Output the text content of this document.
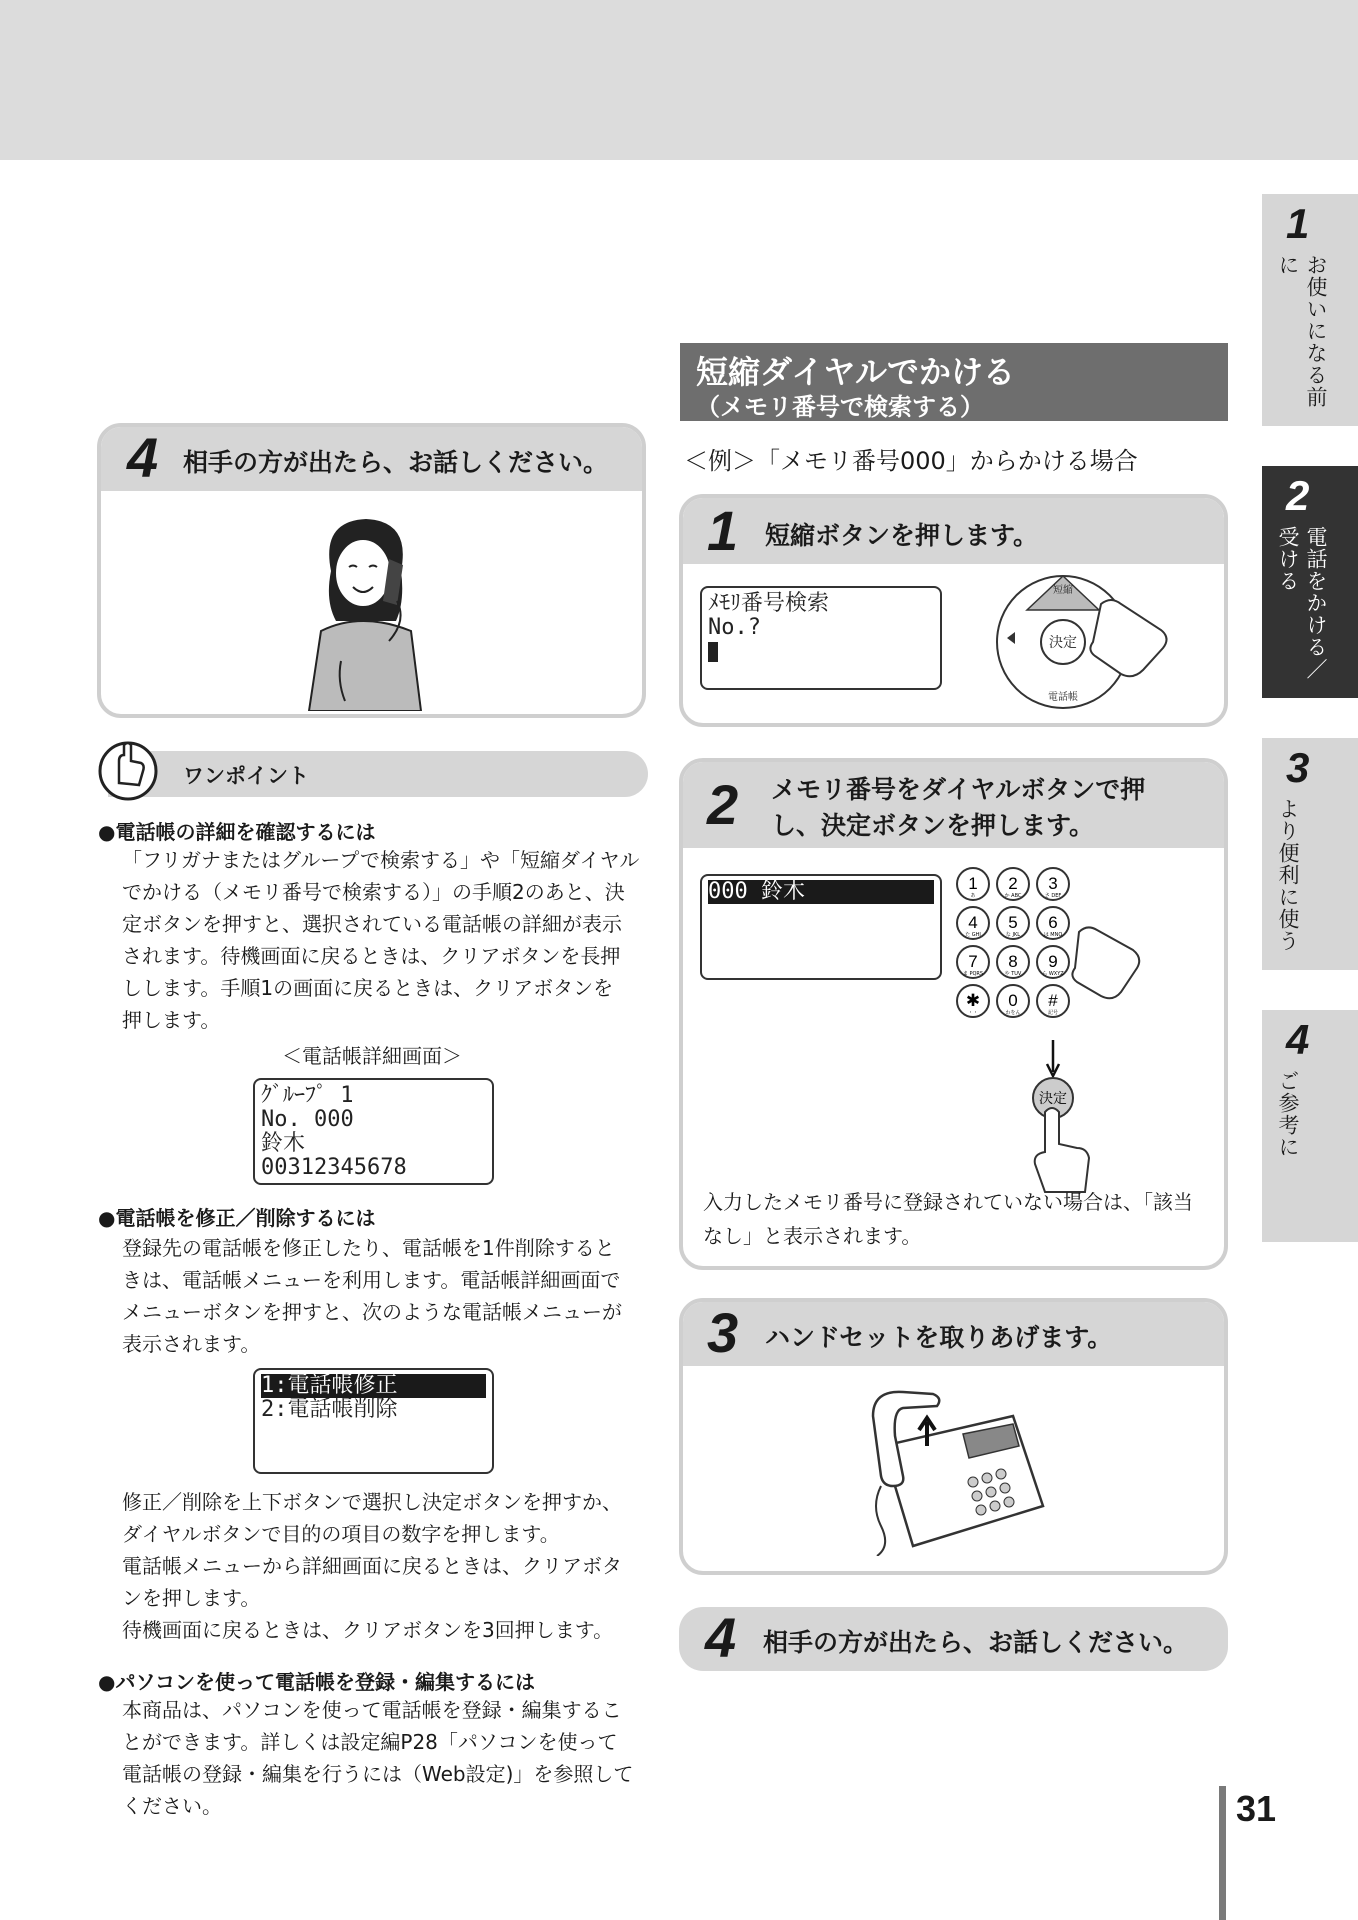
1
お使いになる前に
2
電話をかける／受ける
3
より便利に使う
4
ご参考に
4 相手の方が出たら、お話しください。
ワンポイント
●電話帳の詳細を確認するには
「フリガナまたはグループで検索する」や「短縮ダイヤル
でかける（メモリ番号で検索する）」の手順2のあと、決
定ボタンを押すと、選択されている電話帳の詳細が表示
されます。待機画面に戻るときは、クリアボタンを長押
しします。手順1の画面に戻るときは、クリアボタンを
押します。
＜電話帳詳細画面＞
ｸﾞﾙｰﾌﾟ 1
No. 000
鈴木
00312345678
●電話帳を修正／削除するには
登録先の電話帳を修正したり、電話帳を1件削除すると
きは、電話帳メニューを利用します。電話帳詳細画面で
メニューボタンを押すと、次のような電話帳メニューが
表示されます。
1:電話帳修正
2:電話帳削除
修正／削除を上下ボタンで選択し決定ボタンを押すか、
ダイヤルボタンで目的の項目の数字を押します。
電話帳メニューから詳細画面に戻るときは、クリアボタ
ンを押します。
待機画面に戻るときは、クリアボタンを3回押します。
●パソコンを使って電話帳を登録・編集するには
本商品は、パソコンを使って電話帳を登録・編集するこ
とができます。詳しくは設定編P28「パソコンを使って
電話帳の登録・編集を行うには（Web設定)」を参照して
ください。
短縮ダイヤルでかける
（メモリ番号で検索する）
＜例＞「メモリ番号000」からかける場合
1 短縮ボタンを押します。
ﾒﾓﾘ番号検索
No.?
短縮
決定
電話帳
2 メモリ番号をダイヤルボタンで押
し、決定ボタンを押します。
000 鈴木	1
あ
2
か ABC
3
さ DEF
4
た GHI
5
な JKL
6
は MNO
7
ま PQRS
8
や TUV
9
ら WXYZ
✱
・・
0
わをん
#
記号
決定
入力したメモリ番号に登録されていない場合は、「該当
なし」と表示されます。
3 ハンドセットを取りあげます。
4 相手の方が出たら、お話しください。
31
